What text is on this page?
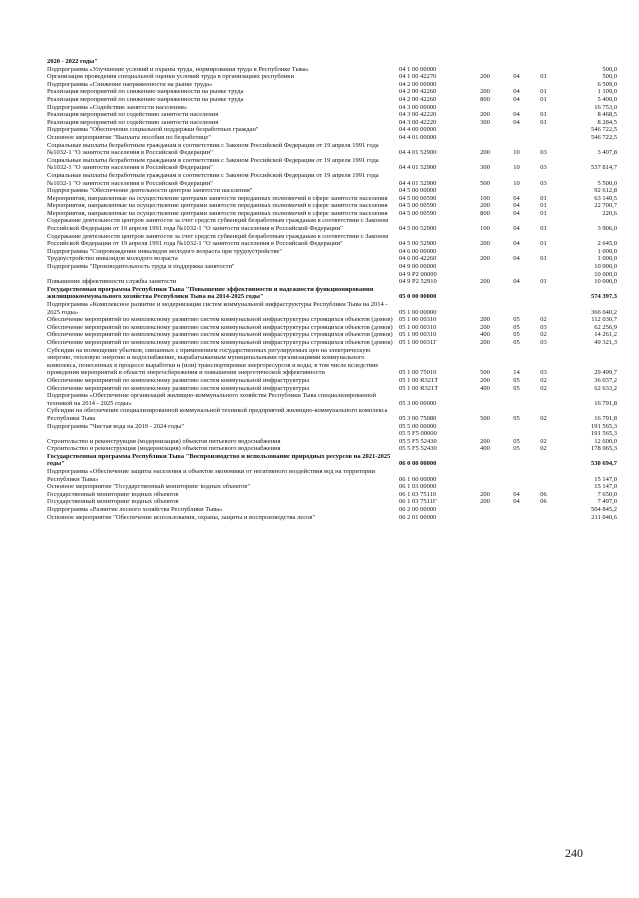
2020 - 2022 годы"					
Подпрограмма «Улучшение условий и охраны труда, нормирования труда в Республике Тыва»	04 1 00 00000				500,0
Организация проведения специальной оценки условий труда в организациях республики	04 1 00 42270	200	04	01	500,0
Подпрограмма «Снижение напряженности на рынке труда»	04 2 00 00000				6 509,0
Реализация мероприятий по снижению напряженности на рынке труда	04 2 00 42260	200	04	01	1 109,0
Реализация мероприятий по снижению напряженности на рынке труда	04 2 00 42260	800	04	01	5 400,0
Подпрограмма «Содействие занятости населения»	04 3 00 00000				16 753,0
Реализация мероприятий по содействию занятости населения	04 3 00 42220	200	04	01	8 468,5
Реализация мероприятий по содействию занятости населения	04 3 00 42220	300	04	01	8 284,5
Подпрограмма "Обеспечение социальной поддержки безработных граждан"	04 4 00 00000				546 722,5
Основное мероприятие "Выплата пособия по безработице"	04 4 01 00000				546 722,5
Социальные выплаты безработным гражданам в соответствии с Законом Российской Федерации от 19 апреля 1991 года №1032-1 "О занятости населения в Российской Федерации"	04 4 01 52900	200	10	03	3 407,8
Социальные выплаты безработным гражданам в соответствии с Законом Российской Федерации от 19 апреля 1991 года №1032-1 "О занятости населения в Российской Федерации"	04 4 01 52900	300	10	03	537 814,7
Социальные выплаты безработным гражданам в соответствии с Законом Российской Федерации от 19 апреля 1991 года №1032-1 "О занятости населения в Российской Федерации"	04 4 01 52900	500	10	03	5 500,0
Подпрограмма "Обеспечение деятельности центров занятости населения"	04 5 00 00000				92 612,8
Мероприятия, направленные на осуществление центрами занятости переданных полномочий в сфере занятости населения	04 5 00 00590	100	04	01	63 140,5
Мероприятия, направленные на осуществление центрами занятости переданных полномочий в сфере занятости населения	04 5 00 00590	200	04	01	22 700,7
Мероприятия, направленные на осуществление центрами занятости переданных полномочий в сфере занятости населения	04 5 00 00590	800	04	01	220,6
Содержание деятельности центров занятости за счет средств субвенций безработным гражданам в соответствии с Законом Российской Федерации от 19 апреля 1991 года №1032-1 "О занятости населения в Российской Федерации"	04 5 00 52900	100	04	01	3 906,0
Содержание деятельности центров занятости за счет средств субвенций безработным гражданам в соответствии с Законом Российской Федерации от 19 апреля 1991 года №1032-1 "О занятости населения в Российской Федерации"	04 5 00 52900	200	04	01	2 645,0
Подпрограмма "Сопровождение инвалидов молодого возраста при трудоустройстве"	04 6 00 00000				1 000,0
Трудоустройство инвалидов молодого возраста	04 6 00 42260	200	04	01	1 000,0
Подпрограмма "Производительность труда и поддержка занятости"	04 9 00 00000				10 000,0
	04 9 P2 00000				10 000,0
Повышение эффективности службы занятости	04 9 P2 52910	200	04	01	10 000,0
Государственная программа Республики Тыва "Повышение эффективности и надежности функционирования жилищнокоммунального хозяйства Республики Тыва на 2014-2025 годы"	05 0 00 00000				574 397,3
Подпрограмма «Комплексное развитие и модернизация систем коммунальной инфраструктуры Республики Тыва на 2014 - 2025 годы»	05 1 00 00000				366 040,2
Обеспечение мероприятий по комплексному развитию систем коммунальной инфраструктуры строящихся объектов (домов)	05 1 00 00310	200	05	02	112 030,7
Обеспечение мероприятий по комплексному развитию систем коммунальной инфраструктуры строящихся объектов (домов)	05 1 00 00310	200	05	03	62 256,9
Обеспечение мероприятий по комплексному развитию систем коммунальной инфраструктуры строящихся объектов (домов)	05 1 00 00310	400	05	02	14 261,2
Обеспечение мероприятий по комплексному развитию систем коммунальной инфраструктуры строящихся объектов (домов)	05 1 00 0031Г	200	05	03	49 321,3
Субсидии на возмещение убытков, связанных с применением государственных регулируемых цен на электрическую энергию, тепловую энергию и водоснабжение, вырабатываемым муниципальными организациями коммунального комплекса, понесенных в процессе выработки и (или) транспортировки энергоресурсов и воды, в том числе вследствие проведения мероприятий в области энергосбережения и повышения энергетической эффективности	05 1 00 75010	500	14	03	29 499,7
Обеспечение мероприятий по комплексному развитию систем коммунальной инфраструктуры	05 1 00 R321T	200	05	02	36 037,2
Обеспечение мероприятий по комплексному развитию систем коммунальной инфраструктуры	05 1 00 R321T	400	05	02	62 633,2
Подпрограмма «Обеспечение организаций жилищно-коммунального хозяйства Республики Тыва специализированной техникой на 2014 - 2025 годы»	05 3 00 00000				16 791,8
Субсидии на обеспечение специализированной коммунальной техникой предприятий жилищно-коммунального комплекса Республики Тыва	05 3 00 75080	500	05	02	16 791,8
Подпрограмма "Чистая вода на 2019 - 2024 годы"	05 5 00 00000				191 565,3
	05 5 F5 00000				191 565,3
Строительство и реконструкция (модернизация) объектов питьевого водоснабжения	05 5 F5 52430	200	05	02	12 600,0
Строительство и реконструкция (модернизация) объектов питьевого водоснабжения	05 5 F5 52430	400	05	02	178 965,3
Государственная программа Республики Тыва "Воспроизводство и использование природных ресурсов на 2021-2025 годы"	06 0 00 00000				530 694,7
Подпрограмма «Обеспечение защиты населения и объектов экономики от негативного воздействия вод на территории Республики Тыва»	06 1 00 00000				15 147,0
Основное мероприятие "Государственный мониторинг водных объектов"	06 1 03 00000				15 147,0
Государственный мониторинг водных объектов	06 1 03 75110	200	04	06	7 650,0
Государственный мониторинг водных объектов	06 1 03 7511Г	200	04	06	7 497,0
Подпрограмма «Развитие лесного хозяйства Республики Тыва»	06 2 00 00000				504 845,2
Основное мероприятие "Обеспечение использования, охраны, защиты и воспроизводства лесов"	06 2 01 00000				211 040,6
240
